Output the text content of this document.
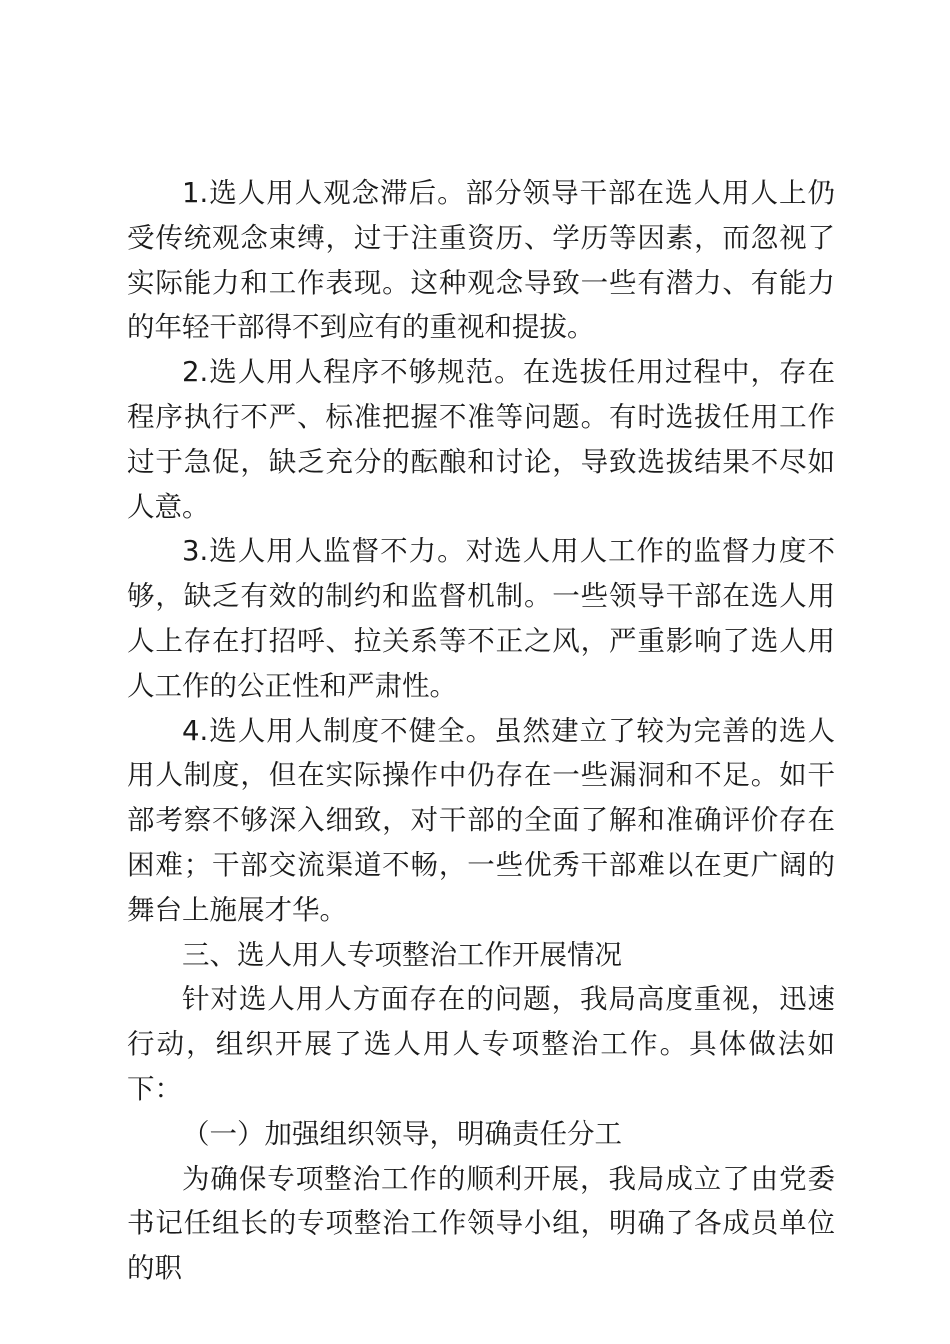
1.选人用人观念滞后。部分领导干部在选人用人上仍受传统观念束缚，过于注重资历、学历等因素，而忽视了实际能力和工作表现。这种观念导致一些有潜力、有能力的年轻干部得不到应有的重视和提拔。

2.选人用人程序不够规范。在选拔任用过程中，存在程序执行不严、标准把握不准等问题。有时选拔任用工作过于急促，缺乏充分的酝酿和讨论，导致选拔结果不尽如人意。

3.选人用人监督不力。对选人用人工作的监督力度不够，缺乏有效的制约和监督机制。一些领导干部在选人用人上存在打招呼、拉关系等不正之风，严重影响了选人用人工作的公正性和严肃性。

4.选人用人制度不健全。虽然建立了较为完善的选人用人制度，但在实际操作中仍存在一些漏洞和不足。如干部考察不够深入细致，对干部的全面了解和准确评价存在困难；干部交流渠道不畅，一些优秀干部难以在更广阔的舞台上施展才华。

三、选人用人专项整治工作开展情况

针对选人用人方面存在的问题，我局高度重视，迅速行动，组织开展了选人用人专项整治工作。具体做法如下：

（一）加强组织领导，明确责任分工

为确保专项整治工作的顺利开展，我局成立了由党委书记任组长的专项整治工作领导小组，明确了各成员单位的职
